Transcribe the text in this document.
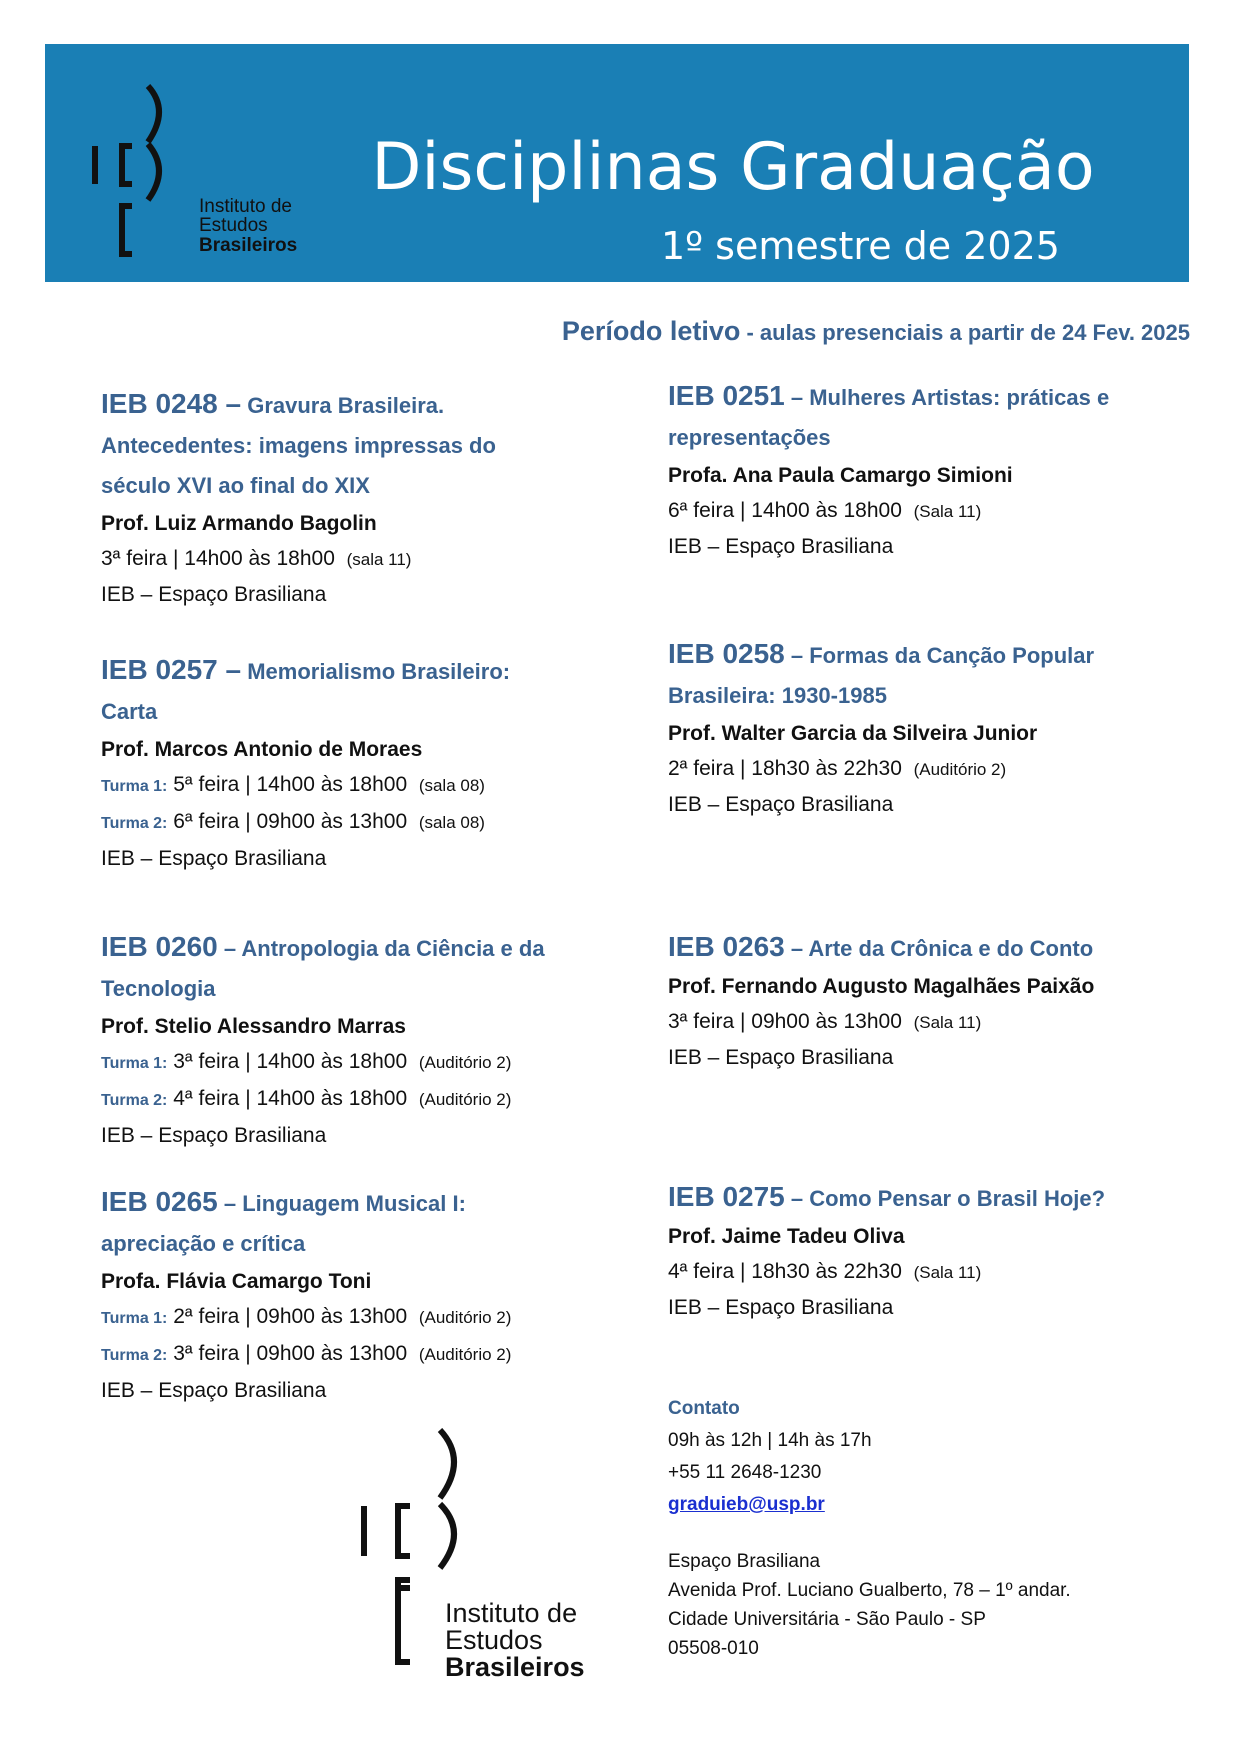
Instituto de
Estudos
Brasileiros
Disciplinas Graduação
1º semestre de 2025
Período letivo - aulas presenciais a partir de 24 Fev. 2025
IEB 0248 – Gravura Brasileira.
Antecedentes: imagens impressas do
século XVI ao final do XIX
Prof. Luiz Armando Bagolin
3ª feira | 14h00 às 18h00 (sala 11)
IEB – Espaço Brasiliana
IEB 0251 – Mulheres Artistas: práticas e
representações
Profa. Ana Paula Camargo Simioni
6ª feira | 14h00 às 18h00 (Sala 11)
IEB – Espaço Brasiliana
IEB 0257 – Memorialismo Brasileiro:
Carta
Prof. Marcos Antonio de Moraes
Turma 1: 5ª feira | 14h00 às 18h00 (sala 08)
Turma 2: 6ª feira | 09h00 às 13h00 (sala 08)
IEB – Espaço Brasiliana
IEB 0258 – Formas da Canção Popular
Brasileira: 1930-1985
Prof. Walter Garcia da Silveira Junior
2ª feira | 18h30 às 22h30 (Auditório 2)
IEB – Espaço Brasiliana
IEB 0260 – Antropologia da Ciência e da
Tecnologia
Prof. Stelio Alessandro Marras
Turma 1: 3ª feira | 14h00 às 18h00 (Auditório 2)
Turma 2: 4ª feira | 14h00 às 18h00 (Auditório 2)
IEB – Espaço Brasiliana
IEB 0263 – Arte da Crônica e do Conto
Prof. Fernando Augusto Magalhães Paixão
3ª feira | 09h00 às 13h00 (Sala 11)
IEB – Espaço Brasiliana
IEB 0265 – Linguagem Musical I:
apreciação e crítica
Profa. Flávia Camargo Toni
Turma 1: 2ª feira | 09h00 às 13h00 (Auditório 2)
Turma 2: 3ª feira | 09h00 às 13h00 (Auditório 2)
IEB – Espaço Brasiliana
IEB 0275 – Como Pensar o Brasil Hoje?
Prof. Jaime Tadeu Oliva
4ª feira | 18h30 às 22h30 (Sala 11)
IEB – Espaço Brasiliana
Instituto de
Estudos
Brasileiros
Contato
09h às 12h | 14h às 17h
+55 11 2648-1230
graduieb@usp.br
Espaço Brasiliana
Avenida Prof. Luciano Gualberto, 78 – 1º andar.
Cidade Universitária - São Paulo - SP
05508-010
